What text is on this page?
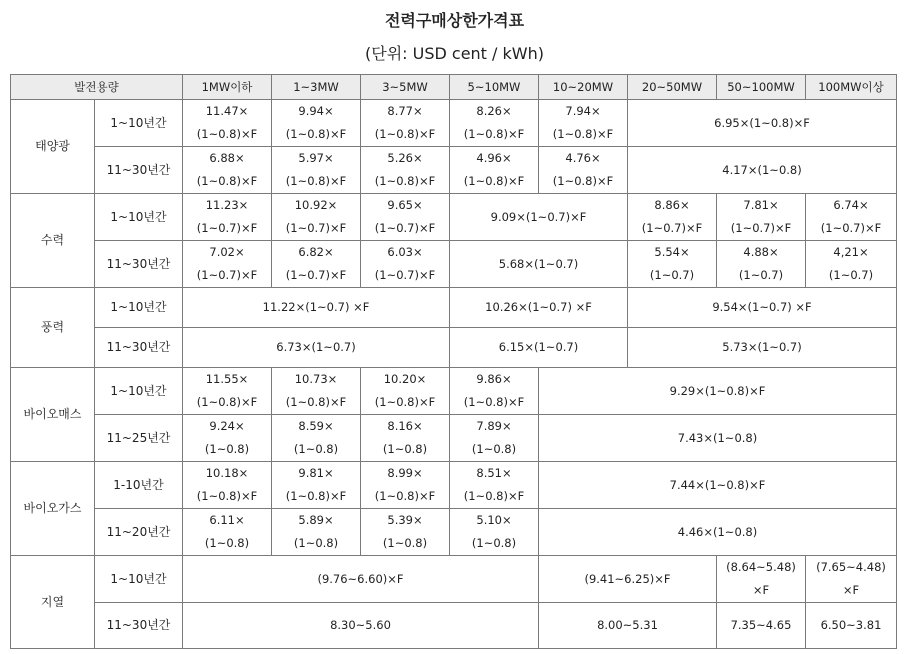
전력구매상한가격표
(단위: USD cent / kWh)
발전용량		1MW이하	1~3MW	3~5MW	5~10MW	10~20MW	20~50MW	50~100MW	100MW이상
태양광	1~10년간	11.47×
(1~0.8)×F	9.94×
(1~0.8)×F	8.77×
(1~0.8)×F	8.26×
(1~0.8)×F	7.94×
(1~0.8)×F	6.95×(1~0.8)×F		
	11~30년간	6.88×
(1~0.8)×F	5.97×
(1~0.8)×F	5.26×
(1~0.8)×F	4.96×
(1~0.8)×F	4.76×
(1~0.8)×F	4.17×(1~0.8)		
수력	1~10년간	11.23×
(1~0.7)×F	10.92×
(1~0.7)×F	9.65×
(1~0.7)×F	9.09×(1~0.7)×F		8.86×
(1~0.7)×F	7.81×
(1~0.7)×F	6.74×
(1~0.7)×F

	11~30년간	7.02×
(1~0.7)×F	6.82×
(1~0.7)×F	6.03×
(1~0.7)×F	5.68×(1~0.7)		5.54×
(1~0.7)	4.88×
(1~0.7)	4,21×
(1~0.7)

풍력	1~10년간	11.22×(1~0.7) ×F			10.26×(1~0.7) ×F		9.54×(1~0.7) ×F		
	11~30년간	6.73×(1~0.7)			6.15×(1~0.7)		5.73×(1~0.7)		
바이오매스	1~10년간	11.55×
(1~0.8)×F	10.73×
(1~0.8)×F	10.20×
(1~0.8)×F	9.86×
(1~0.8)×F	9.29×(1~0.8)×F			
	11~25년간	9.24×
(1~0.8)	8.59×
(1~0.8)	8.16×
(1~0.8)	7.89×
(1~0.8)	7.43×(1~0.8)			
바이오가스	1-10년간	10.18×
(1~0.8)×F	9.81×
(1~0.8)×F	8.99×
(1~0.8)×F	8.51×
(1~0.8)×F	7.44×(1~0.8)×F			
	11~20년간	6.11×
(1~0.8)	5.89×
(1~0.8)	5.39×
(1~0.8)	5.10×
(1~0.8)	4.46×(1~0.8)			
지열	1~10년간	(9.76~6.60)×F				(9.41~6.25)×F		(8.64~5.48)
×F	(7.65~4.48)
×F

	11~30년간	8.30~5.60				8.00~5.31		7.35~4.65	6.50~3.81
